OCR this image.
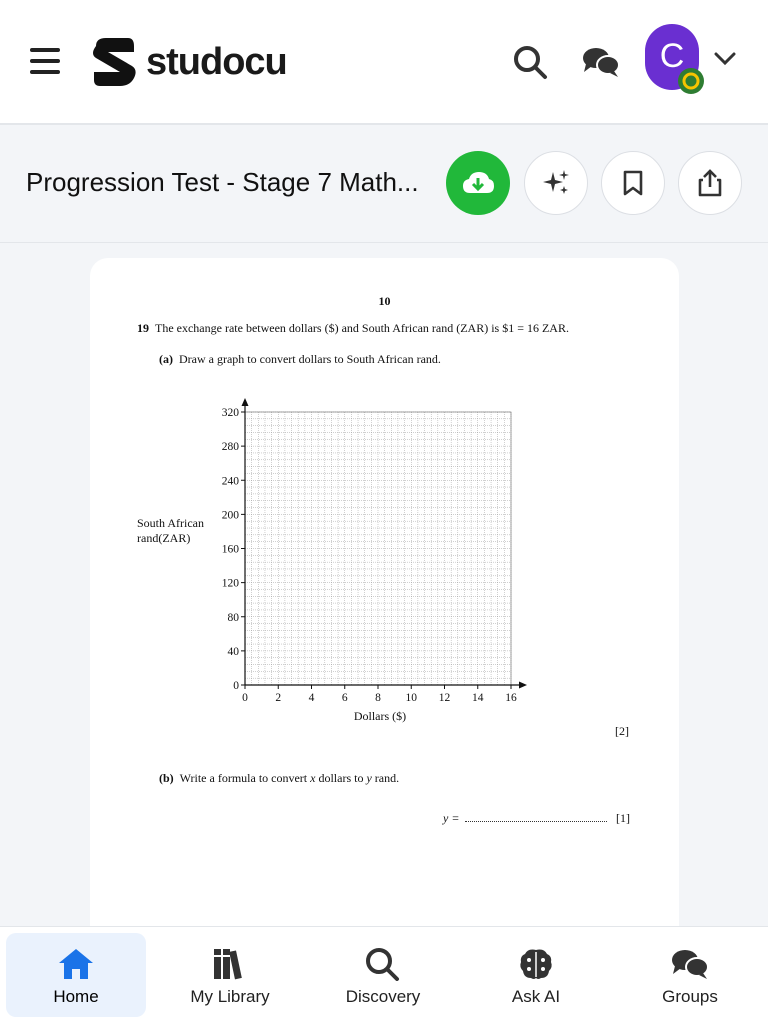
studocu	C
Progression Test - Stage 7 Math...
10
19 The exchange rate between dollars ($) and South African rand (ZAR) is $1 = 16 ZAR.
(a) Draw a graph to convert dollars to South African rand.
South African rand(ZAR)
0 2 4 6 8 10 12 14 16
0
40
80
120
160
200
240
280
320
Dollars ($)
[2]
(b) Write a formula to convert x dollars to y rand.
y =	[1]
Home	My Library	Discovery	Ask AI	Groups
